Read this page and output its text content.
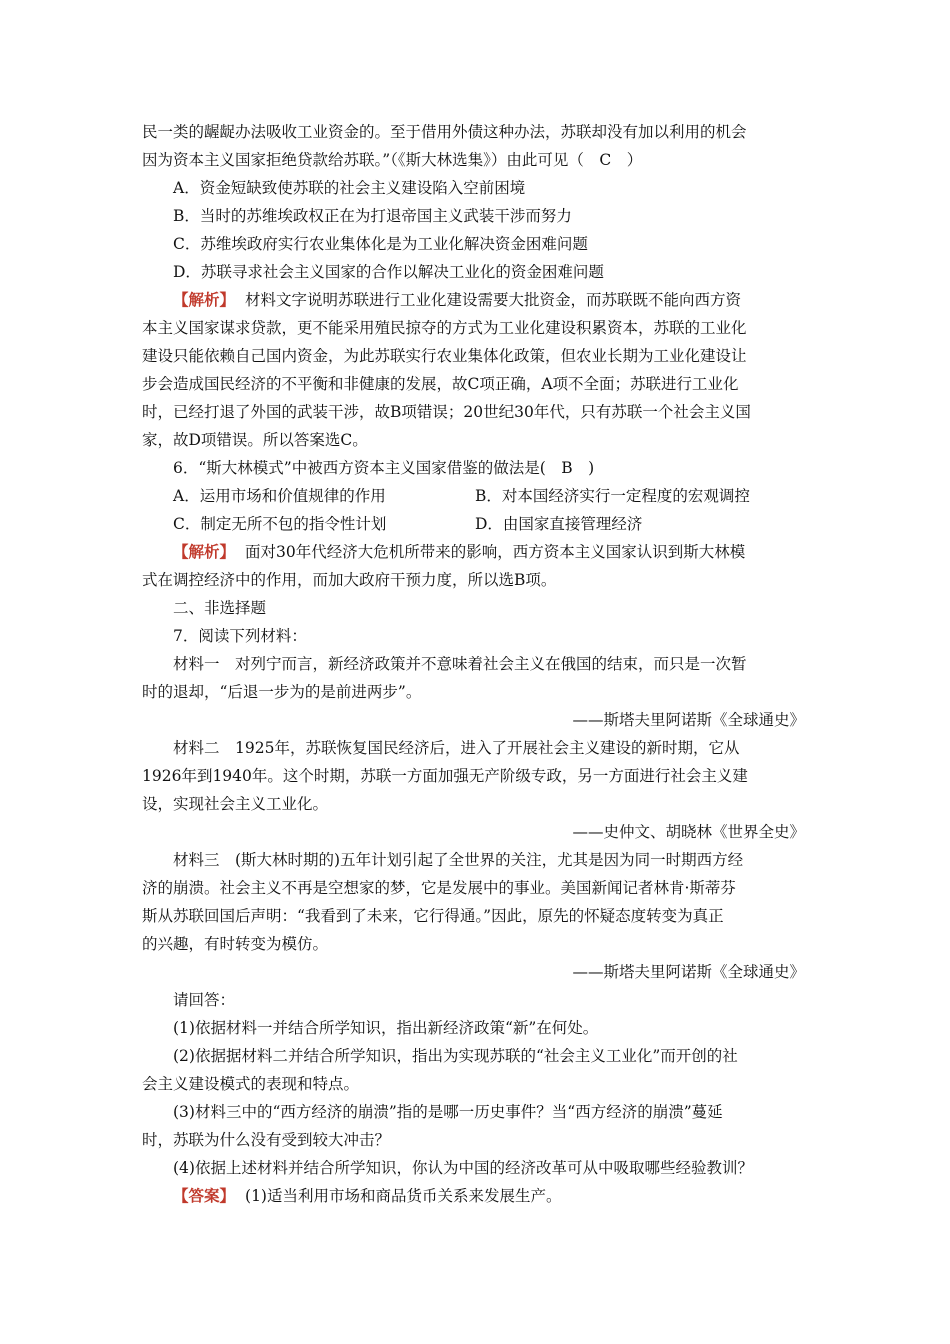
民一类的龌龊办法吸收工业资金的。至于借用外债这种办法，苏联却没有加以利用的机会
因为资本主义国家拒绝贷款给苏联。”（《斯大林选集》）由此可见（　C　）
A．资金短缺致使苏联的社会主义建设陷入空前困境
B．当时的苏维埃政权正在为打退帝国主义武装干涉而努力
C．苏维埃政府实行农业集体化是为工业化解决资金困难问题
D．苏联寻求社会主义国家的合作以解决工业化的资金困难问题
【解析】 材料文字说明苏联进行工业化建设需要大批资金，而苏联既不能向西方资
本主义国家谋求贷款，更不能采用殖民掠夺的方式为工业化建设积累资本，苏联的工业化
建设只能依赖自己国内资金，为此苏联实行农业集体化政策，但农业长期为工业化建设让
步会造成国民经济的不平衡和非健康的发展，故C项正确，A项不全面；苏联进行工业化
时，已经打退了外国的武装干涉，故B项错误；20世纪30年代，只有苏联一个社会主义国
家，故D项错误。所以答案选C。
6．“斯大林模式”中被西方资本主义国家借鉴的做法是(　B　)
A．运用市场和价值规律的作用	B．对本国经济实行一定程度的宏观调控
C．制定无所不包的指令性计划	D．由国家直接管理经济
【解析】 面对30年代经济大危机所带来的影响，西方资本主义国家认识到斯大林模
式在调控经济中的作用，而加大政府干预力度，所以选B项。
二、非选择题
7．阅读下列材料：
材料一　对列宁而言，新经济政策并不意味着社会主义在俄国的结束，而只是一次暂
时的退却，“后退一步为的是前进两步”。
——斯塔夫里阿诺斯《全球通史》
材料二　1925年，苏联恢复国民经济后，进入了开展社会主义建设的新时期，它从
1926年到1940年。这个时期，苏联一方面加强无产阶级专政，另一方面进行社会主义建
设，实现社会主义工业化。
——史仲文、胡晓林《世界全史》
材料三　(斯大林时期的)五年计划引起了全世界的关注，尤其是因为同一时期西方经
济的崩溃。社会主义不再是空想家的梦，它是发展中的事业。美国新闻记者林肯·斯蒂芬
斯从苏联回国后声明：“我看到了未来，它行得通。”因此，原先的怀疑态度转变为真正
的兴趣，有时转变为模仿。
——斯塔夫里阿诺斯《全球通史》
请回答：
(1)依据材料一并结合所学知识，指出新经济政策“新”在何处。
(2)依据据材料二并结合所学知识，指出为实现苏联的“社会主义工业化”而开创的社
会主义建设模式的表现和特点。
(3)材料三中的“西方经济的崩溃”指的是哪一历史事件？当“西方经济的崩溃”蔓延
时，苏联为什么没有受到较大冲击？
(4)依据上述材料并结合所学知识，你认为中国的经济改革可从中吸取哪些经验教训？
【答案】 (1)适当利用市场和商品货币关系来发展生产。
